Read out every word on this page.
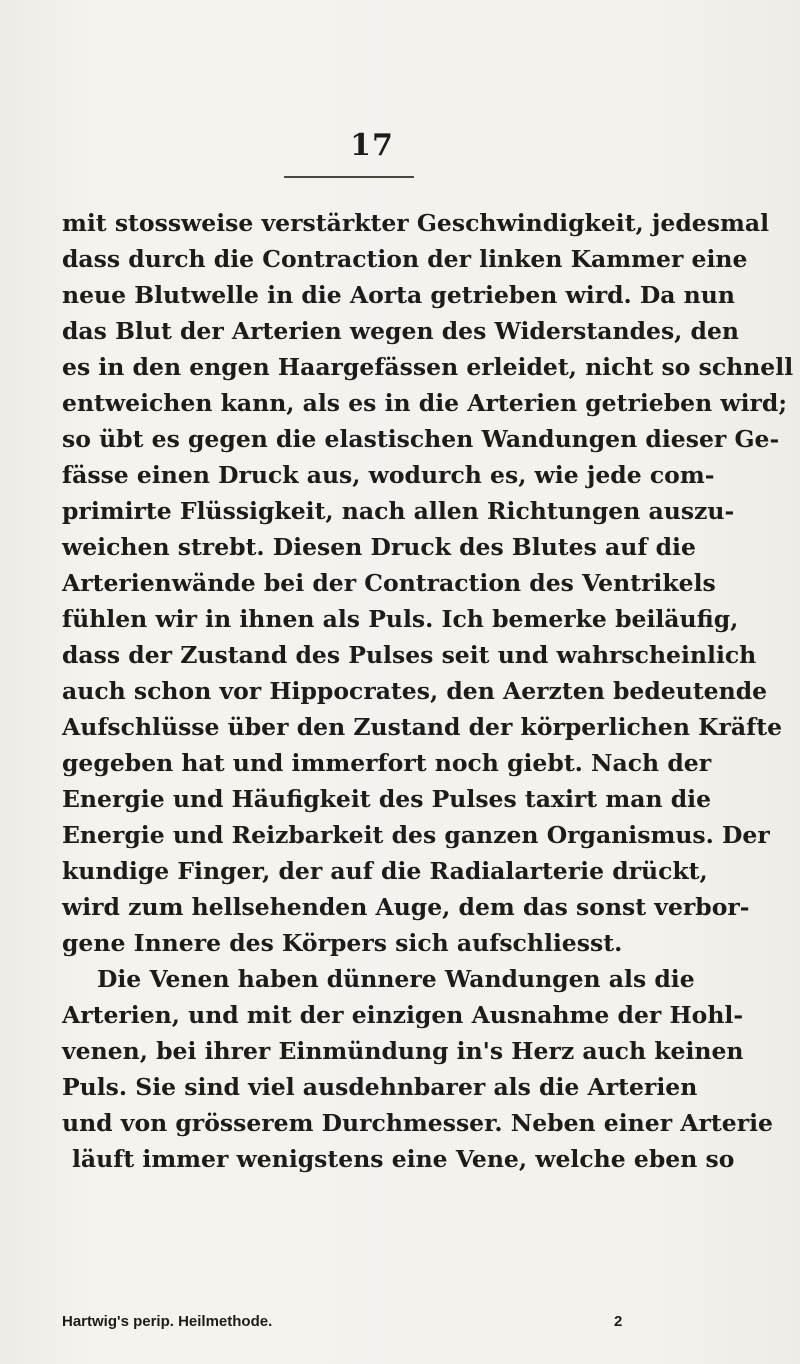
17
mit stossweise verstärkter Geschwindigkeit, jedesmal
dass durch die Contraction der linken Kammer eine
neue Blutwelle in die Aorta getrieben wird. Da nun
das Blut der Arterien wegen des Widerstandes, den
es in den engen Haargefässen erleidet, nicht so schnell
entweichen kann, als es in die Arterien getrieben wird;
so übt es gegen die elastischen Wandungen dieser Ge-
fässe einen Druck aus, wodurch es, wie jede com-
primirte Flüssigkeit, nach allen Richtungen auszu-
weichen strebt. Diesen Druck des Blutes auf die
Arterienwände bei der Contraction des Ventrikels
fühlen wir in ihnen als Puls. Ich bemerke beiläufig,
dass der Zustand des Pulses seit und wahrscheinlich
auch schon vor Hippocrates, den Aerzten bedeutende
Aufschlüsse über den Zustand der körperlichen Kräfte
gegeben hat und immerfort noch giebt. Nach der
Energie und Häufigkeit des Pulses taxirt man die
Energie und Reizbarkeit des ganzen Organismus. Der
kundige Finger, der auf die Radialarterie drückt,
wird zum hellsehenden Auge, dem das sonst verbor-
gene Innere des Körpers sich aufschliesst.
Die Venen haben dünnere Wandungen als die
Arterien, und mit der einzigen Ausnahme der Hohl-
venen, bei ihrer Einmündung in's Herz auch keinen
Puls. Sie sind viel ausdehnbarer als die Arterien
und von grösserem Durchmesser. Neben einer Arterie
läuft immer wenigstens eine Vene, welche eben so
Hartwig's perip. Heilmethode.	2
